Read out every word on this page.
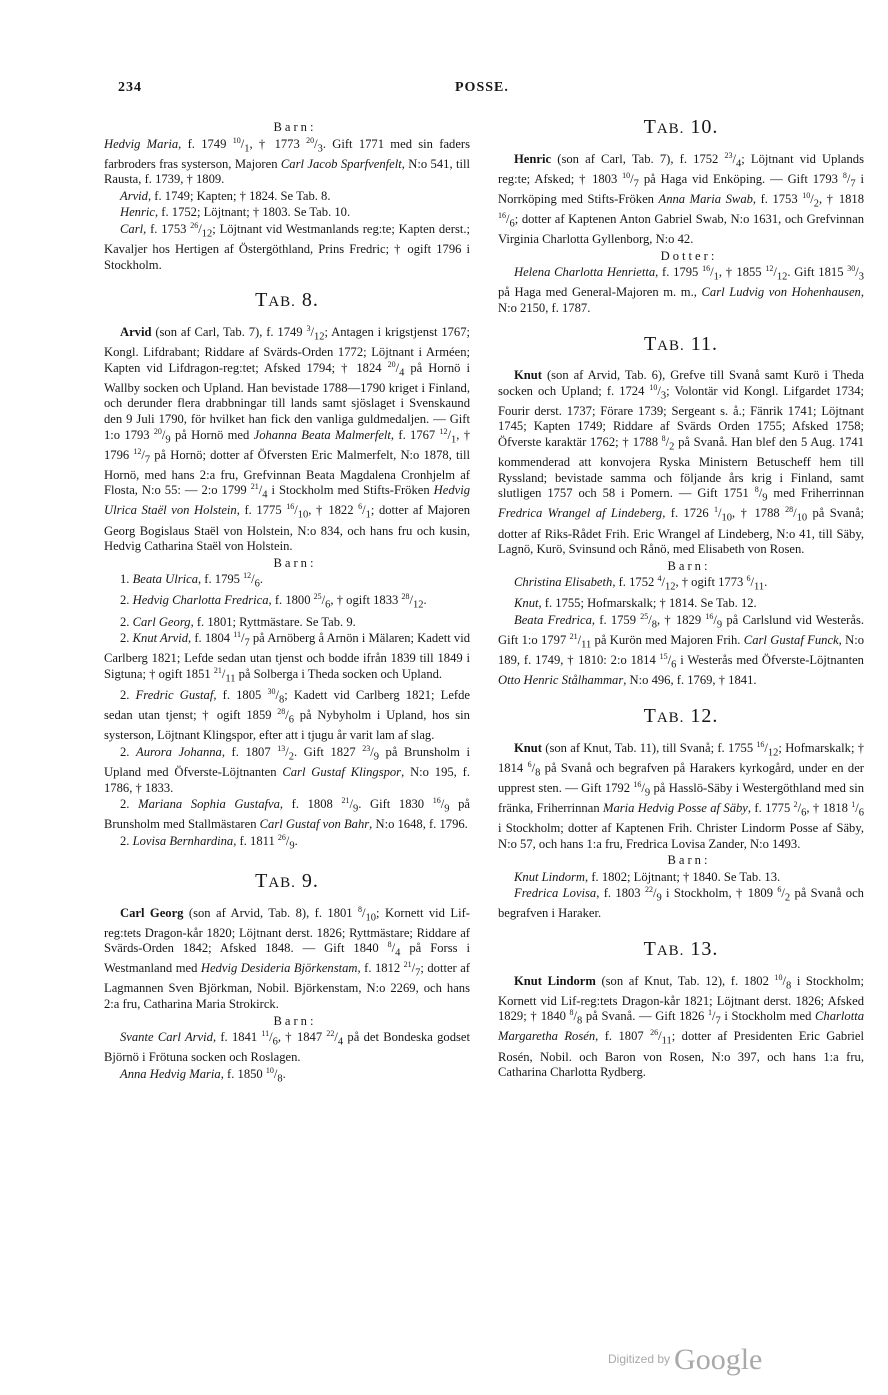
234	POSSE.

Barn:

Hedvig Maria, f. 1749 $^{10}/_1$, † 1773 $^{20}/_3$. Gift 1771 med sin faders farbroders fras systerson, Majoren Carl Jacob Sparfvenfelt, N:o 541, till Rausta, f. 1739, † 1809.

Arvid, f. 1749; Kapten; † 1824. Se Tab. 8.

Henric, f. 1752; Löjtnant; † 1803. Se Tab. 10.

Carl, f. 1753 $^{26}/_{12}$; Löjtnant vid Westmanlands reg:te; Kapten derst.; Kavaljer hos Hertigen af Östergöthland, Prins Fredric; † ogift 1796 i Stockholm.

TAB. 8.

Arvid (son af Carl, Tab. 7), f. 1749 $^3/_{12}$; Antagen i krigstjenst 1767; Kongl. Lifdrabant; Riddare af Svärds-Orden 1772; Löjtnant i Arméen; Kapten vid Lifdragon-reg:tet; Afsked 1794; † 1824 $^{20}/_4$ på Hornö i Wallby socken och Upland. Han bevistade 1788—1790 kriget i Finland, och derunder flera drabbningar till lands samt sjöslaget i Svenskaund den 9 Juli 1790, för hvilket han fick den vanliga guldmedaljen. — Gift 1:o 1793 $^{20}/_9$ på Hornö med Johanna Beata Malmerfelt, f. 1767 $^{12}/_1$, † 1796 $^{12}/_7$ på Hornö; dotter af Öfversten Eric Malmerfelt, N:o 1878, till Hornö, med hans 2:a fru, Grefvinnan Beata Magdalena Cronhjelm af Flosta, N:o 55: — 2:o 1799 $^{21}/_4$ i Stockholm med Stifts-Fröken Hedvig Ulrica Staël von Holstein, f. 1775 $^{16}/_{10}$, † 1822 $^6/_1$; dotter af Majoren Georg Bogislaus Staël von Holstein, N:o 834, och hans fru och kusin, Hedvig Catharina Staël von Holstein.

Barn:

1. Beata Ulrica, f. 1795 $^{12}/_6$.

2. Hedvig Charlotta Fredrica, f. 1800 $^{25}/_6$, † ogift 1833 $^{28}/_{12}$.

2. Carl Georg, f. 1801; Ryttmästare. Se Tab. 9.

2. Knut Arvid, f. 1804 $^{11}/_7$ på Arnöberg å Arnön i Mälaren; Kadett vid Carlberg 1821; Lefde sedan utan tjenst och bodde ifrån 1839 till 1849 i Sigtuna; † ogift 1851 $^{21}/_{11}$ på Solberga i Theda socken och Upland.

2. Fredric Gustaf, f. 1805 $^{30}/_8$; Kadett vid Carlberg 1821; Lefde sedan utan tjenst; † ogift 1859 $^{28}/_6$ på Nybyholm i Upland, hos sin systerson, Löjtnant Klingspor, efter att i tjugu år varit lam af slag.

2. Aurora Johanna, f. 1807 $^{13}/_2$. Gift 1827 $^{23}/_9$ på Brunsholm i Upland med Öfverste-Löjtnanten Carl Gustaf Klingspor, N:o 195, f. 1786, † 1833.

2. Mariana Sophia Gustafva, f. 1808 $^{21}/_9$. Gift 1830 $^{16}/_9$ på Brunsholm med Stallmästaren Carl Gustaf von Bahr, N:o 1648, f. 1796.

2. Lovisa Bernhardina, f. 1811 $^{26}/_9$.

TAB. 9.

Carl Georg (son af Arvid, Tab. 8), f. 1801 $^8/_{10}$; Kornett vid Lif-reg:tets Dragon-kår 1820; Löjtnant derst. 1826; Ryttmästare; Riddare af Svärds-Orden 1842; Afsked 1848. — Gift 1840 $^8/_4$ på Forss i Westmanland med Hedvig Desideria Björkenstam, f. 1812 $^{21}/_7$; dotter af Lagmannen Sven Björkman, Nobil. Björkenstam, N:o 2269, och hans 2:a fru, Catharina Maria Strokirck.

Barn:

Svante Carl Arvid, f. 1841 $^{11}/_6$, † 1847 $^{22}/_4$ på det Bondeska godset Björnö i Frötuna socken och Roslagen.

Anna Hedvig Maria, f. 1850 $^{10}/_8$.

TAB. 10.

Henric (son af Carl, Tab. 7), f. 1752 $^{23}/_4$; Löjtnant vid Uplands reg:te; Afsked; † 1803 $^{10}/_7$ på Haga vid Enköping. — Gift 1793 $^8/_7$ i Norrköping med Stifts-Fröken Anna Maria Swab, f. 1753 $^{10}/_2$, † 1818 $^{16}/_6$; dotter af Kaptenen Anton Gabriel Swab, N:o 1631, och Grefvinnan Virginia Charlotta Gyllenborg, N:o 42.

Dotter:

Helena Charlotta Henrietta, f. 1795 $^{16}/_1$, † 1855 $^{12}/_{12}$. Gift 1815 $^{30}/_3$ på Haga med General-Majoren m. m., Carl Ludvig von Hohenhausen, N:o 2150, f. 1787.

TAB. 11.

Knut (son af Arvid, Tab. 6), Grefve till Svanå samt Kurö i Theda socken och Upland; f. 1724 $^{10}/_3$; Volontär vid Kongl. Lifgardet 1734; Fourir derst. 1737; Förare 1739; Sergeant s. å.; Fänrik 1741; Löjtnant 1745; Kapten 1749; Riddare af Svärds Orden 1755; Afsked 1758; Öfverste karaktär 1762; † 1788 $^8/_2$ på Svanå. Han blef den 5 Aug. 1741 kommenderad att konvojera Ryska Ministern Betuscheff hem till Ryssland; bevistade samma och följande års krig i Finland, samt slutligen 1757 och 58 i Pomern. — Gift 1751 $^8/_9$ med Friherrinnan Fredrica Wrangel af Lindeberg, f. 1726 $^1/_{10}$, † 1788 $^{28}/_{10}$ på Svanå; dotter af Riks-Rådet Frih. Eric Wrangel af Lindeberg, N:o 41, till Säby, Lagnö, Kurö, Svinsund och Rånö, med Elisabeth von Rosen.

Barn:

Christina Elisabeth, f. 1752 $^4/_{12}$, † ogift 1773 $^6/_{11}$.

Knut, f. 1755; Hofmarskalk; † 1814. Se Tab. 12.

Beata Fredrica, f. 1759 $^{25}/_8$, † 1829 $^{16}/_9$ på Carlslund vid Westerås. Gift 1:o 1797 $^{21}/_{11}$ på Kurön med Majoren Frih. Carl Gustaf Funck, N:o 189, f. 1749, † 1810: 2:o 1814 $^{15}/_6$ i Westerås med Öfverste-Löjtnanten Otto Henric Stålhammar, N:o 496, f. 1769, † 1841.

TAB. 12.

Knut (son af Knut, Tab. 11), till Svanå; f. 1755 $^{16}/_{12}$; Hofmarskalk; † 1814 $^6/_8$ på Svanå och begrafven på Harakers kyrkogård, under en der upprest sten. — Gift 1792 $^{16}/_9$ på Hasslö-Säby i Westergöthland med sin fränka, Friherrinnan Maria Hedvig Posse af Säby, f. 1775 $^2/_6$, † 1818 $^1/_6$ i Stockholm; dotter af Kaptenen Frih. Christer Lindorm Posse af Säby, N:o 57, och hans 1:a fru, Fredrica Lovisa Zander, N:o 1493.

Barn:

Knut Lindorm, f. 1802; Löjtnant; † 1840. Se Tab. 13.

Fredrica Lovisa, f. 1803 $^{22}/_9$ i Stockholm, † 1809 $^6/_2$ på Svanå och begrafven i Haraker.

TAB. 13.

Knut Lindorm (son af Knut, Tab. 12), f. 1802 $^{10}/_8$ i Stockholm; Kornett vid Lif-reg:tets Dragon-kår 1821; Löjtnant derst. 1826; Afsked 1829; † 1840 $^8/_8$ på Svanå. — Gift 1826 $^1/_7$ i Stockholm med Charlotta Margaretha Rosén, f. 1807 $^{26}/_{11}$; dotter af Presidenten Eric Gabriel Rosén, Nobil. och Baron von Rosen, N:o 397, och hans 1:a fru, Catharina Charlotta Rydberg.

$^{Digitized by}$ Google
